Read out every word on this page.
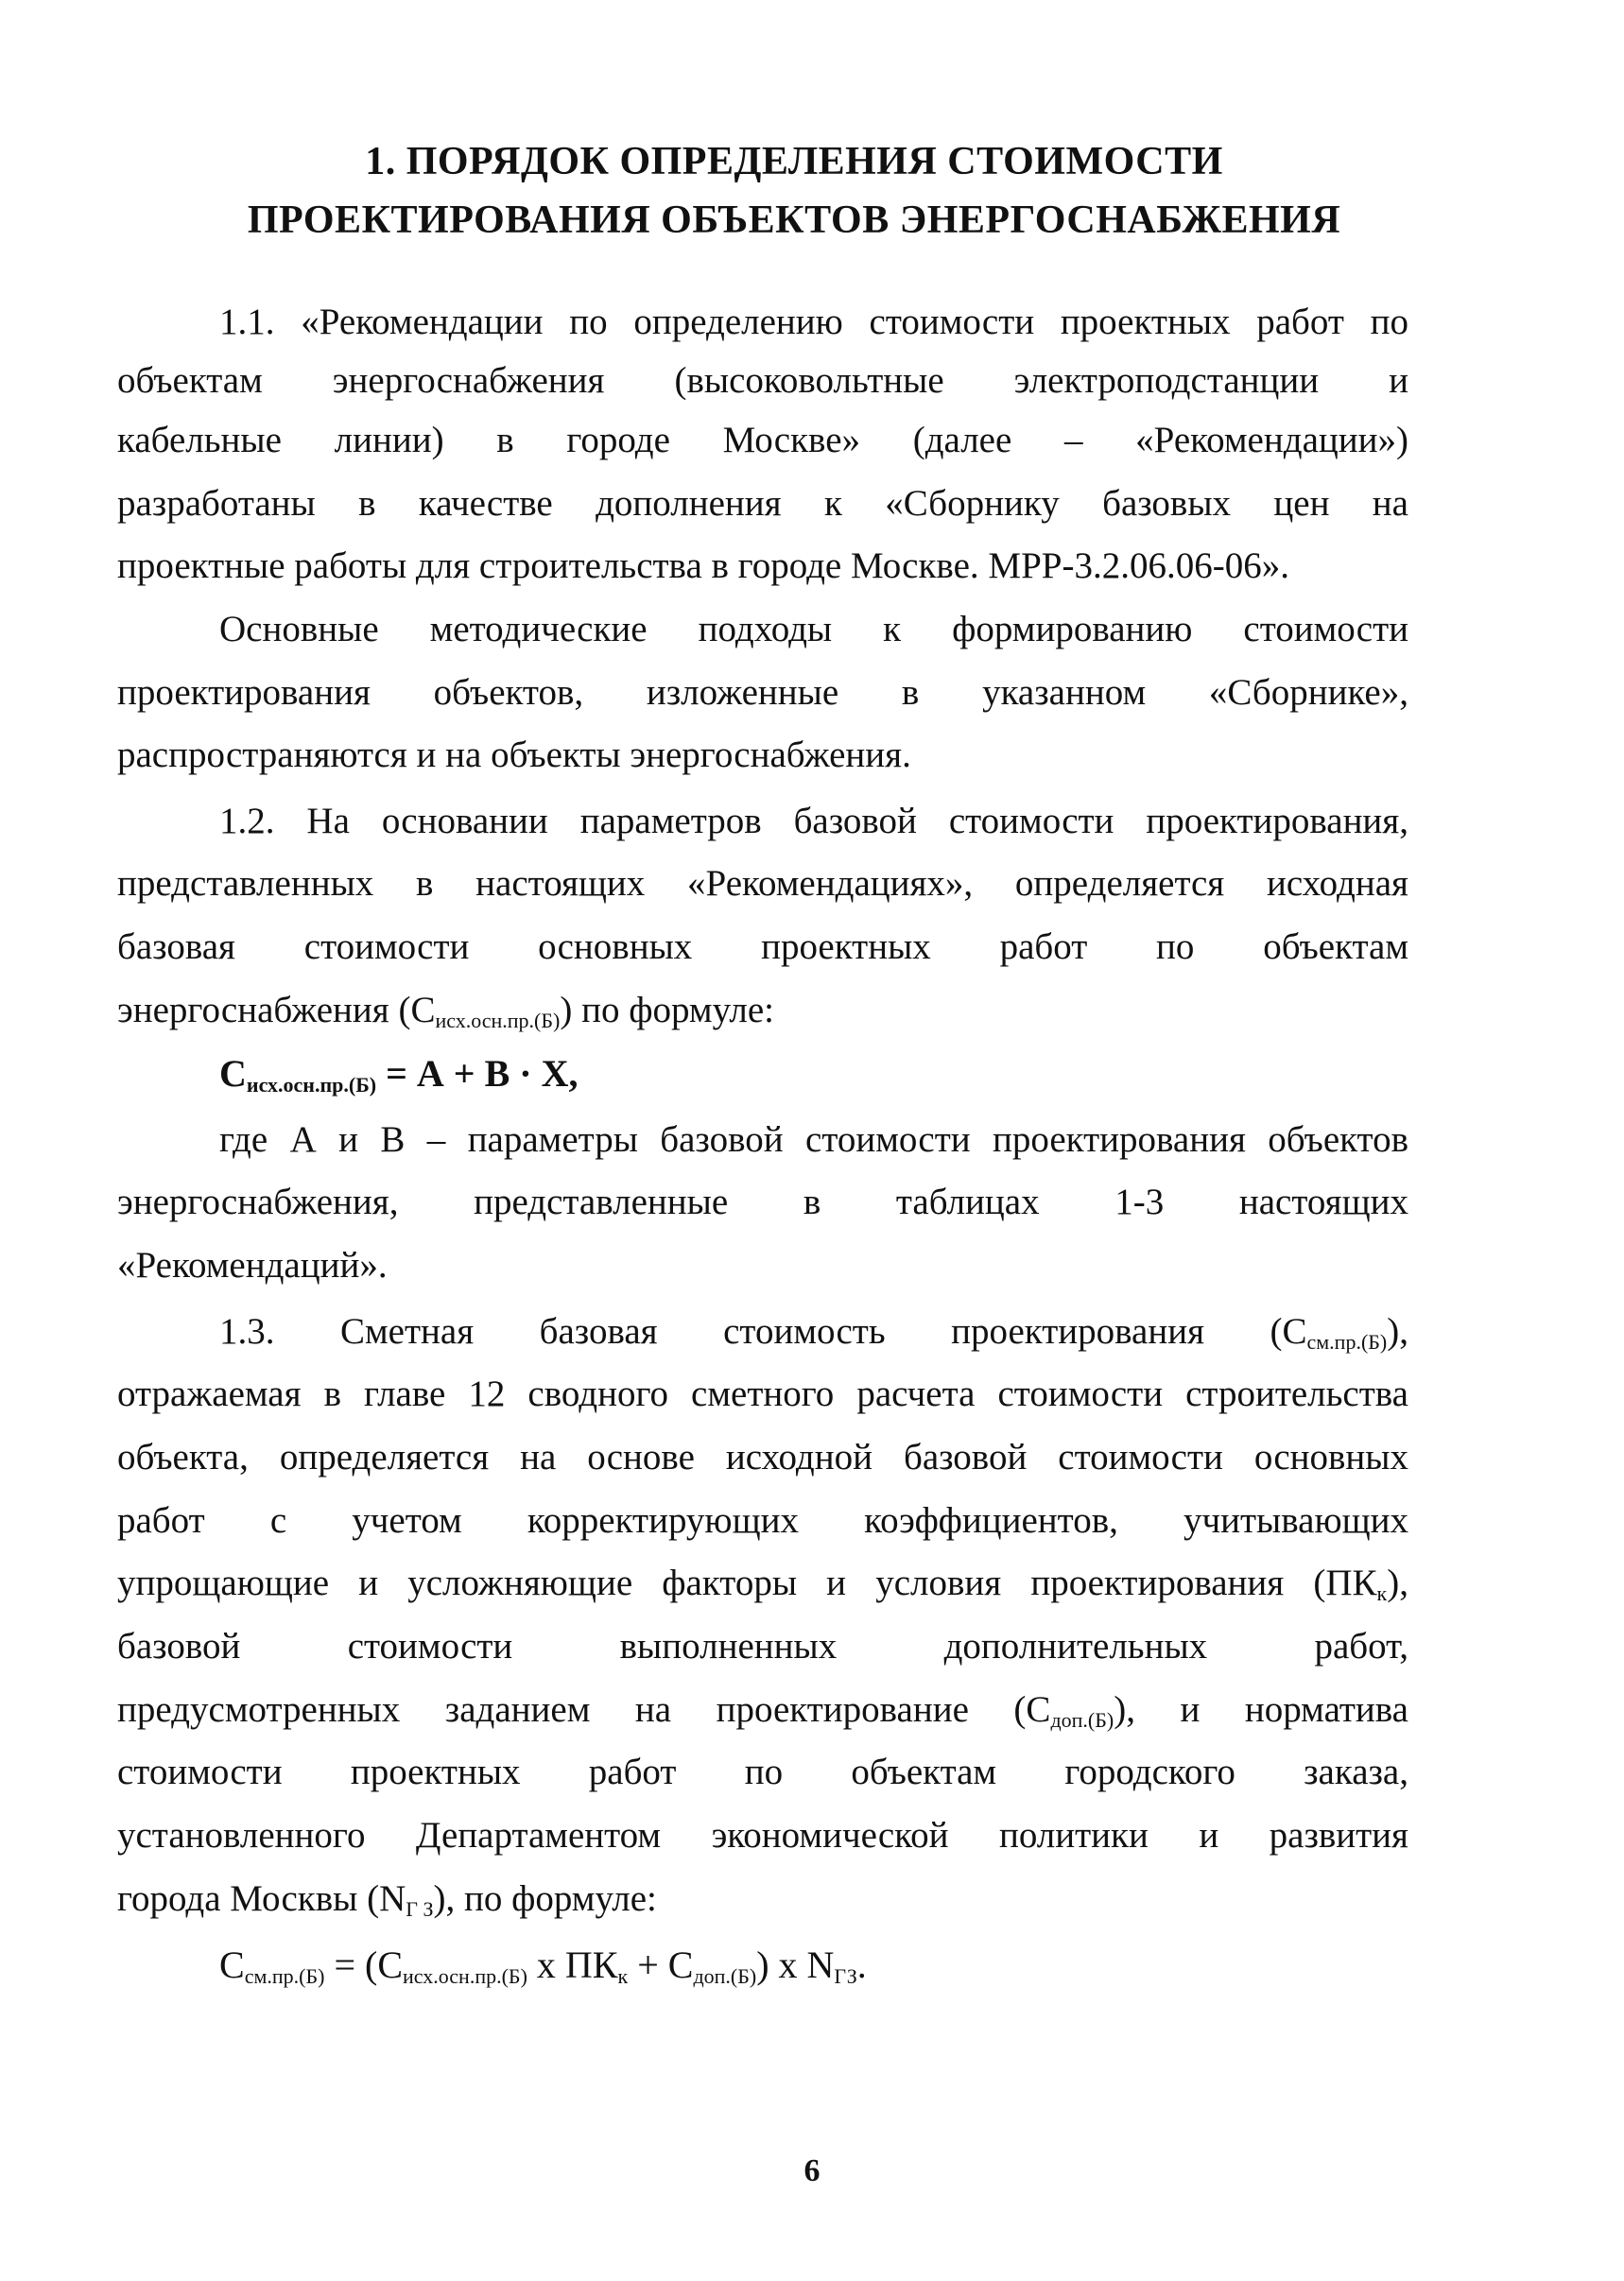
1. ПОРЯДОК ОПРЕДЕЛЕНИЯ СТОИМОСТИ
ПРОЕКТИРОВАНИЯ ОБЪЕКТОВ ЭНЕРГОСНАБЖЕНИЯ
1.1. «Рекомендации по определению стоимости проектных работ по
объектам энергоснабжения (высоковольтные электроподстанции и
кабельные линии) в городе Москве» (далее – «Рекомендации»)
разработаны в качестве дополнения к «Сборнику базовых цен на
проектные работы для строительства в городе Москве. МРР-3.2.06.06-06».
Основные методические подходы к формированию стоимости
проектирования объектов, изложенные в указанном «Сборнике»,
распространяются и на объекты энергоснабжения.
1.2. На основании параметров базовой стоимости проектирования,
представленных в настоящих «Рекомендациях», определяется исходная
базовая стоимости основных проектных работ по объектам
энергоснабжения $(С_{исх.осн.пр.(Б)})$ по формуле:
$С_{исх.осн.пр.(Б)} = А + В \cdot Х$,
где А и В – параметры базовой стоимости проектирования объектов
энергоснабжения, представленные в таблицах 1-3 настоящих
«Рекомендаций».
1.3. Сметная базовая стоимость проектирования $(С_{см.пр.(Б)})$,
отражаемая в главе 12 сводного сметного расчета стоимости строительства
объекта, определяется на основе исходной базовой стоимости основных
работ с учетом корректирующих коэффициентов, учитывающих
упрощающие и усложняющие факторы и условия проектирования $(ПК_к)$,
базовой стоимости выполненных дополнительных работ,
предусмотренных заданием на проектирование $(С_{доп.(Б)})$, и норматива
стоимости проектных работ по объектам городского заказа,
установленного Департаментом экономической политики и развития
города Москвы $(N_{Г З})$, по формуле:
$С_{см.пр.(Б)} = (С_{исх.осн.пр.(Б)}$ x $ПК_к + С_{доп.(Б)}$) x $N_{ГЗ}$.
6
